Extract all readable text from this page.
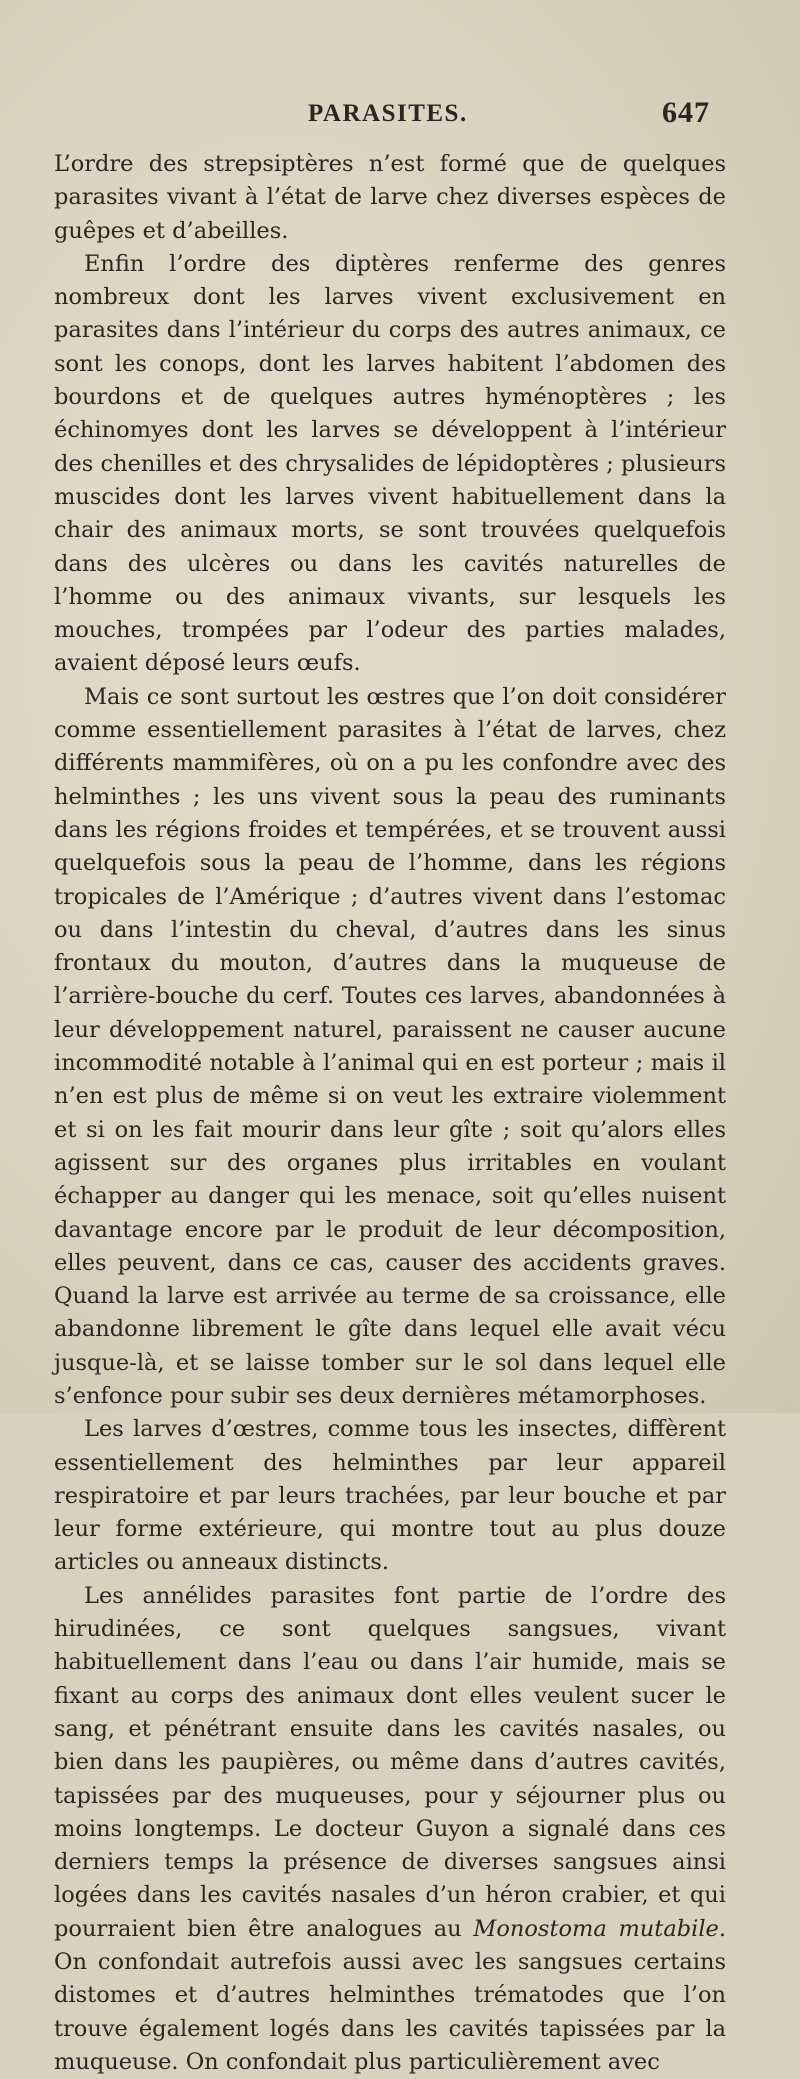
PARASITES.	647

L’ordre des strepsiptères n’est formé que de quelques parasites vivant à l’état de larve chez diverses espèces de guêpes et d’abeilles.

Enfin l’ordre des diptères renferme des genres nombreux dont les larves vivent exclusivement en parasites dans l’intérieur du corps des autres animaux, ce sont les conops, dont les larves habitent l’abdomen des bourdons et de quelques autres hyménoptères ; les échinomyes dont les larves se développent à l’intérieur des chenilles et des chrysalides de lépidoptères ; plusieurs muscides dont les larves vivent habituellement dans la chair des animaux morts, se sont trouvées quelquefois dans des ulcères ou dans les cavités naturelles de l’homme ou des animaux vivants, sur lesquels les mouches, trompées par l’odeur des parties malades, avaient déposé leurs œufs.

Mais ce sont surtout les œstres que l’on doit considérer comme essentiellement parasites à l’état de larves, chez différents mammifères, où on a pu les confondre avec des helminthes ; les uns vivent sous la peau des ruminants dans les régions froides et tempérées, et se trouvent aussi quelquefois sous la peau de l’homme, dans les régions tropicales de l’Amérique ; d’autres vivent dans l’estomac ou dans l’intestin du cheval, d’autres dans les sinus frontaux du mouton, d’autres dans la muqueuse de l’arrière-bouche du cerf. Toutes ces larves, abandonnées à leur développement naturel, paraissent ne causer aucune incommodité notable à l’animal qui en est porteur ; mais il n’en est plus de même si on veut les extraire violemment et si on les fait mourir dans leur gîte ; soit qu’alors elles agissent sur des organes plus irritables en voulant échapper au danger qui les menace, soit qu’elles nuisent davantage encore par le produit de leur décomposition, elles peuvent, dans ce cas, causer des accidents graves. Quand la larve est arrivée au terme de sa croissance, elle abandonne librement le gîte dans lequel elle avait vécu jusque-là, et se laisse tomber sur le sol dans lequel elle s’enfonce pour subir ses deux dernières métamorphoses.

Les larves d’œstres, comme tous les insectes, diffèrent essentiellement des helminthes par leur appareil respiratoire et par leurs trachées, par leur bouche et par leur forme extérieure, qui montre tout au plus douze articles ou anneaux distincts.

Les annélides parasites font partie de l’ordre des hirudinées, ce sont quelques sangsues, vivant habituellement dans l’eau ou dans l’air humide, mais se fixant au corps des animaux dont elles veulent sucer le sang, et pénétrant ensuite dans les cavités nasales, ou bien dans les paupières, ou même dans d’autres cavités, tapissées par des muqueuses, pour y séjourner plus ou moins longtemps. Le docteur Guyon a signalé dans ces derniers temps la présence de diverses sangsues ainsi logées dans les cavités nasales d’un héron crabier, et qui pourraient bien être analogues au Monostoma mutabile. On confondait autrefois aussi avec les sangsues certains distomes et d’autres helminthes trématodes que l’on trouve également logés dans les cavités tapissées par la muqueuse. On confondait plus particulièrement avec
